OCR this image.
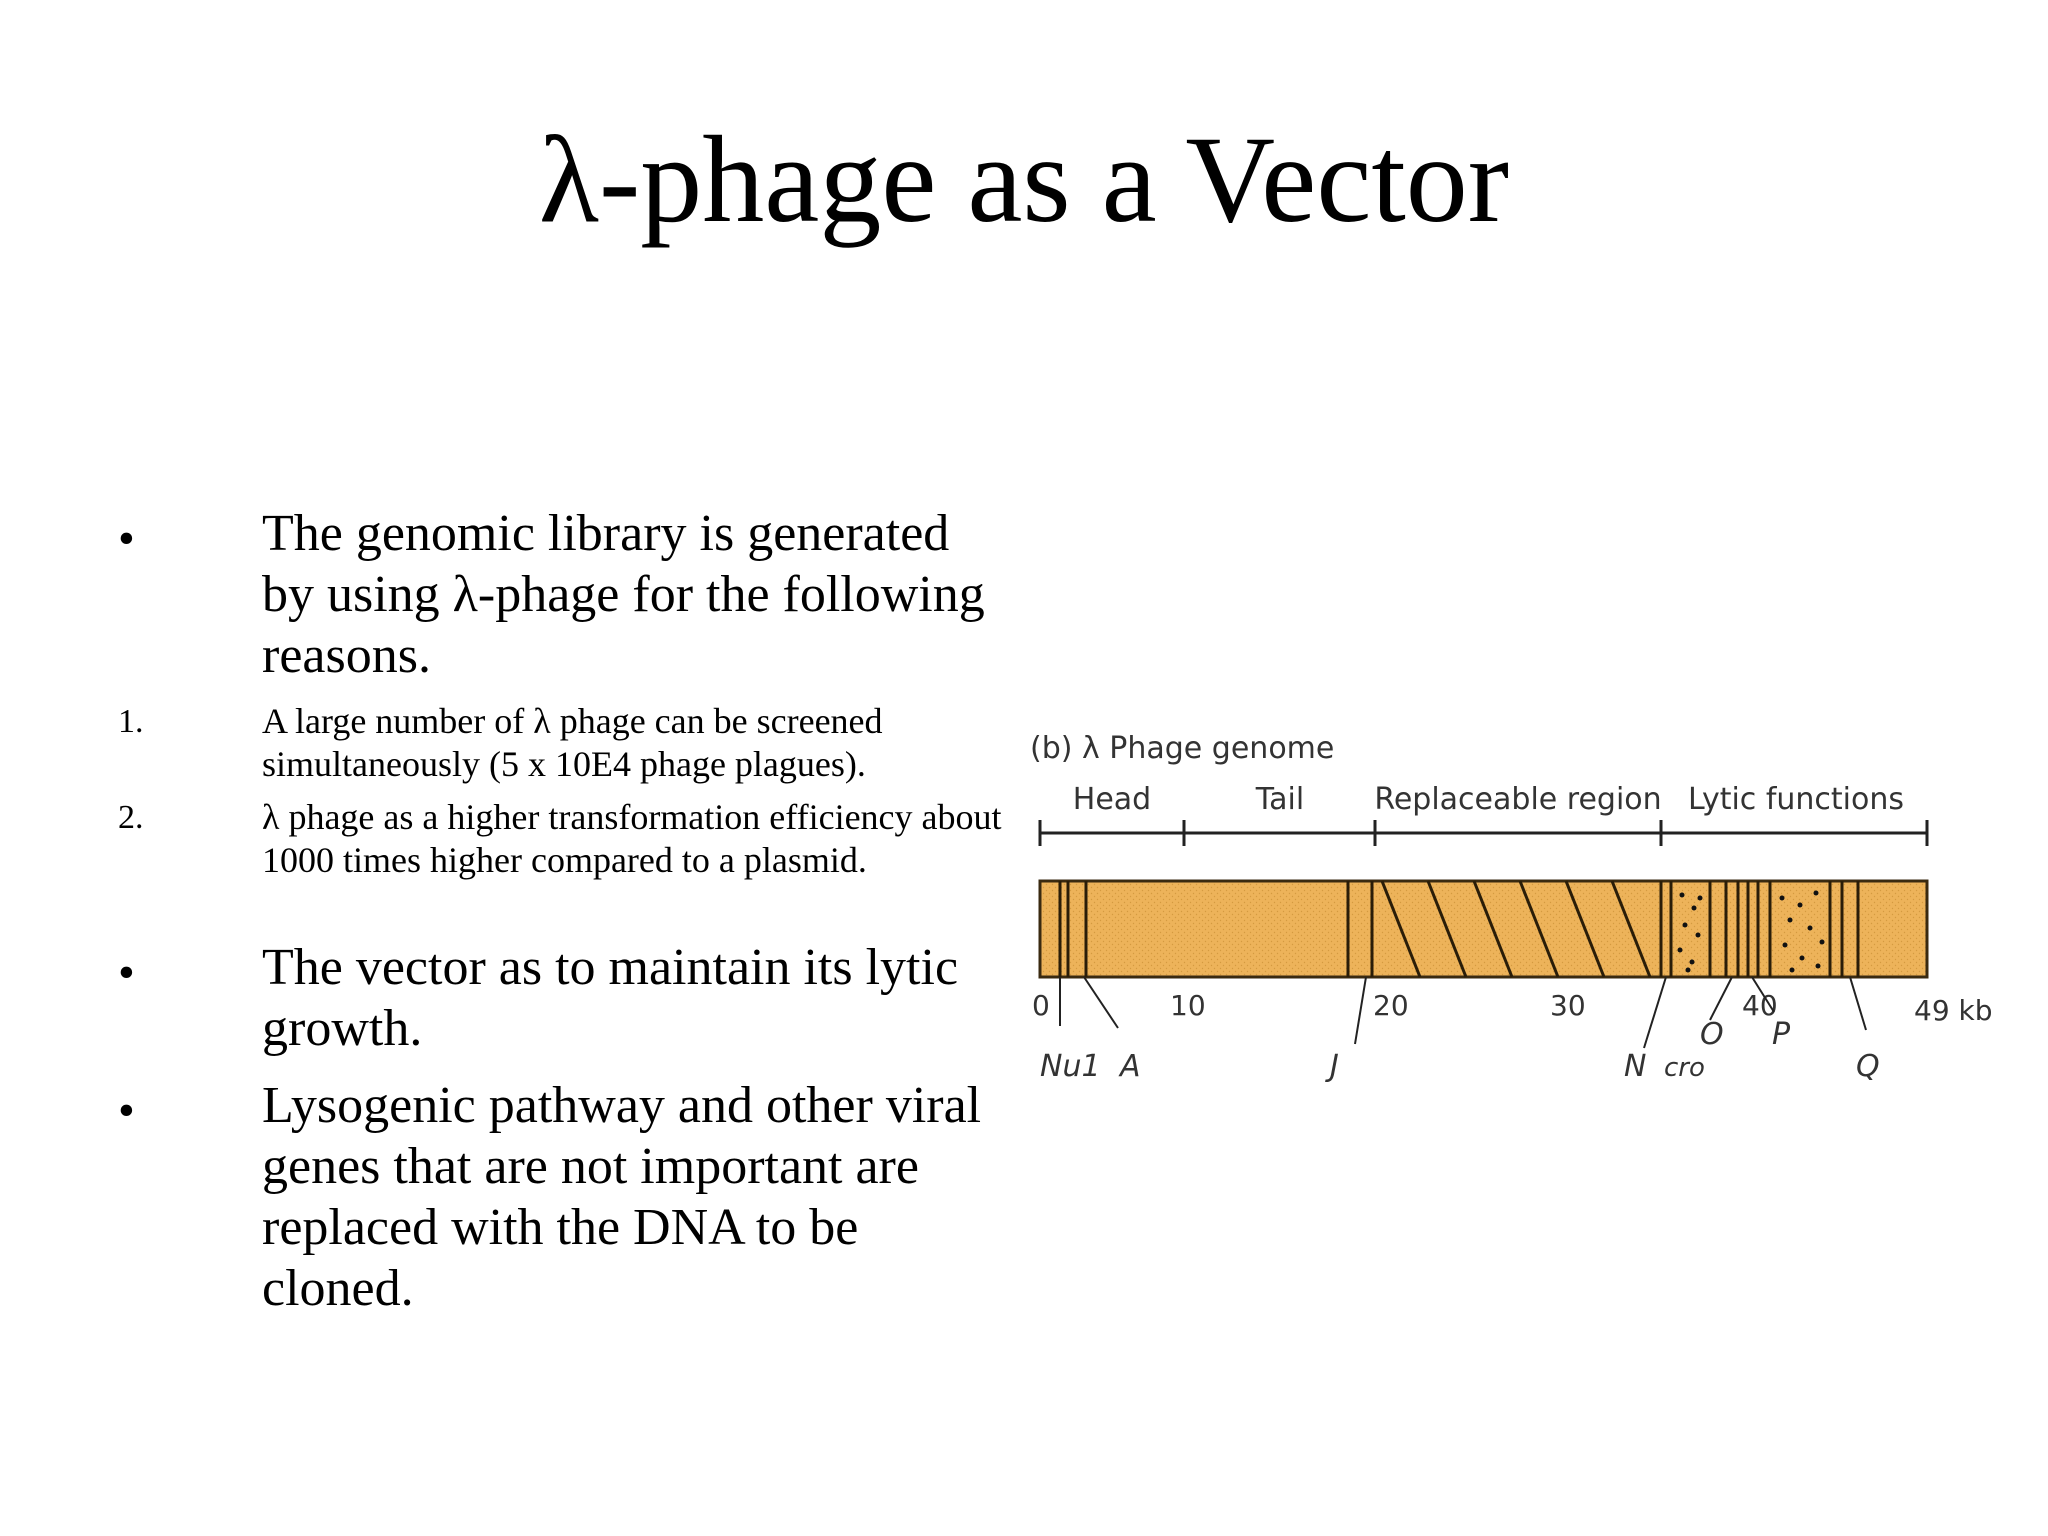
λ-phage as a Vector
• The genomic library is generated by using λ-phage for the following reasons.
1.	A large number of λ phage can be screened simultaneously (5 x 10E4 phage plagues).
2.	λ phage as a higher transformation efficiency about 1000 times higher compared to a plasmid.
• The vector as to maintain its lytic growth.
• Lysogenic pathway and other viral genes that are not important are replaced with the DNA to be cloned.
(b) λ Phage genome
Head	Tail Replaceable region Lytic functions
0	10	20	30	40	49 kb
Nu1 A	J	N cro
O P
Q
